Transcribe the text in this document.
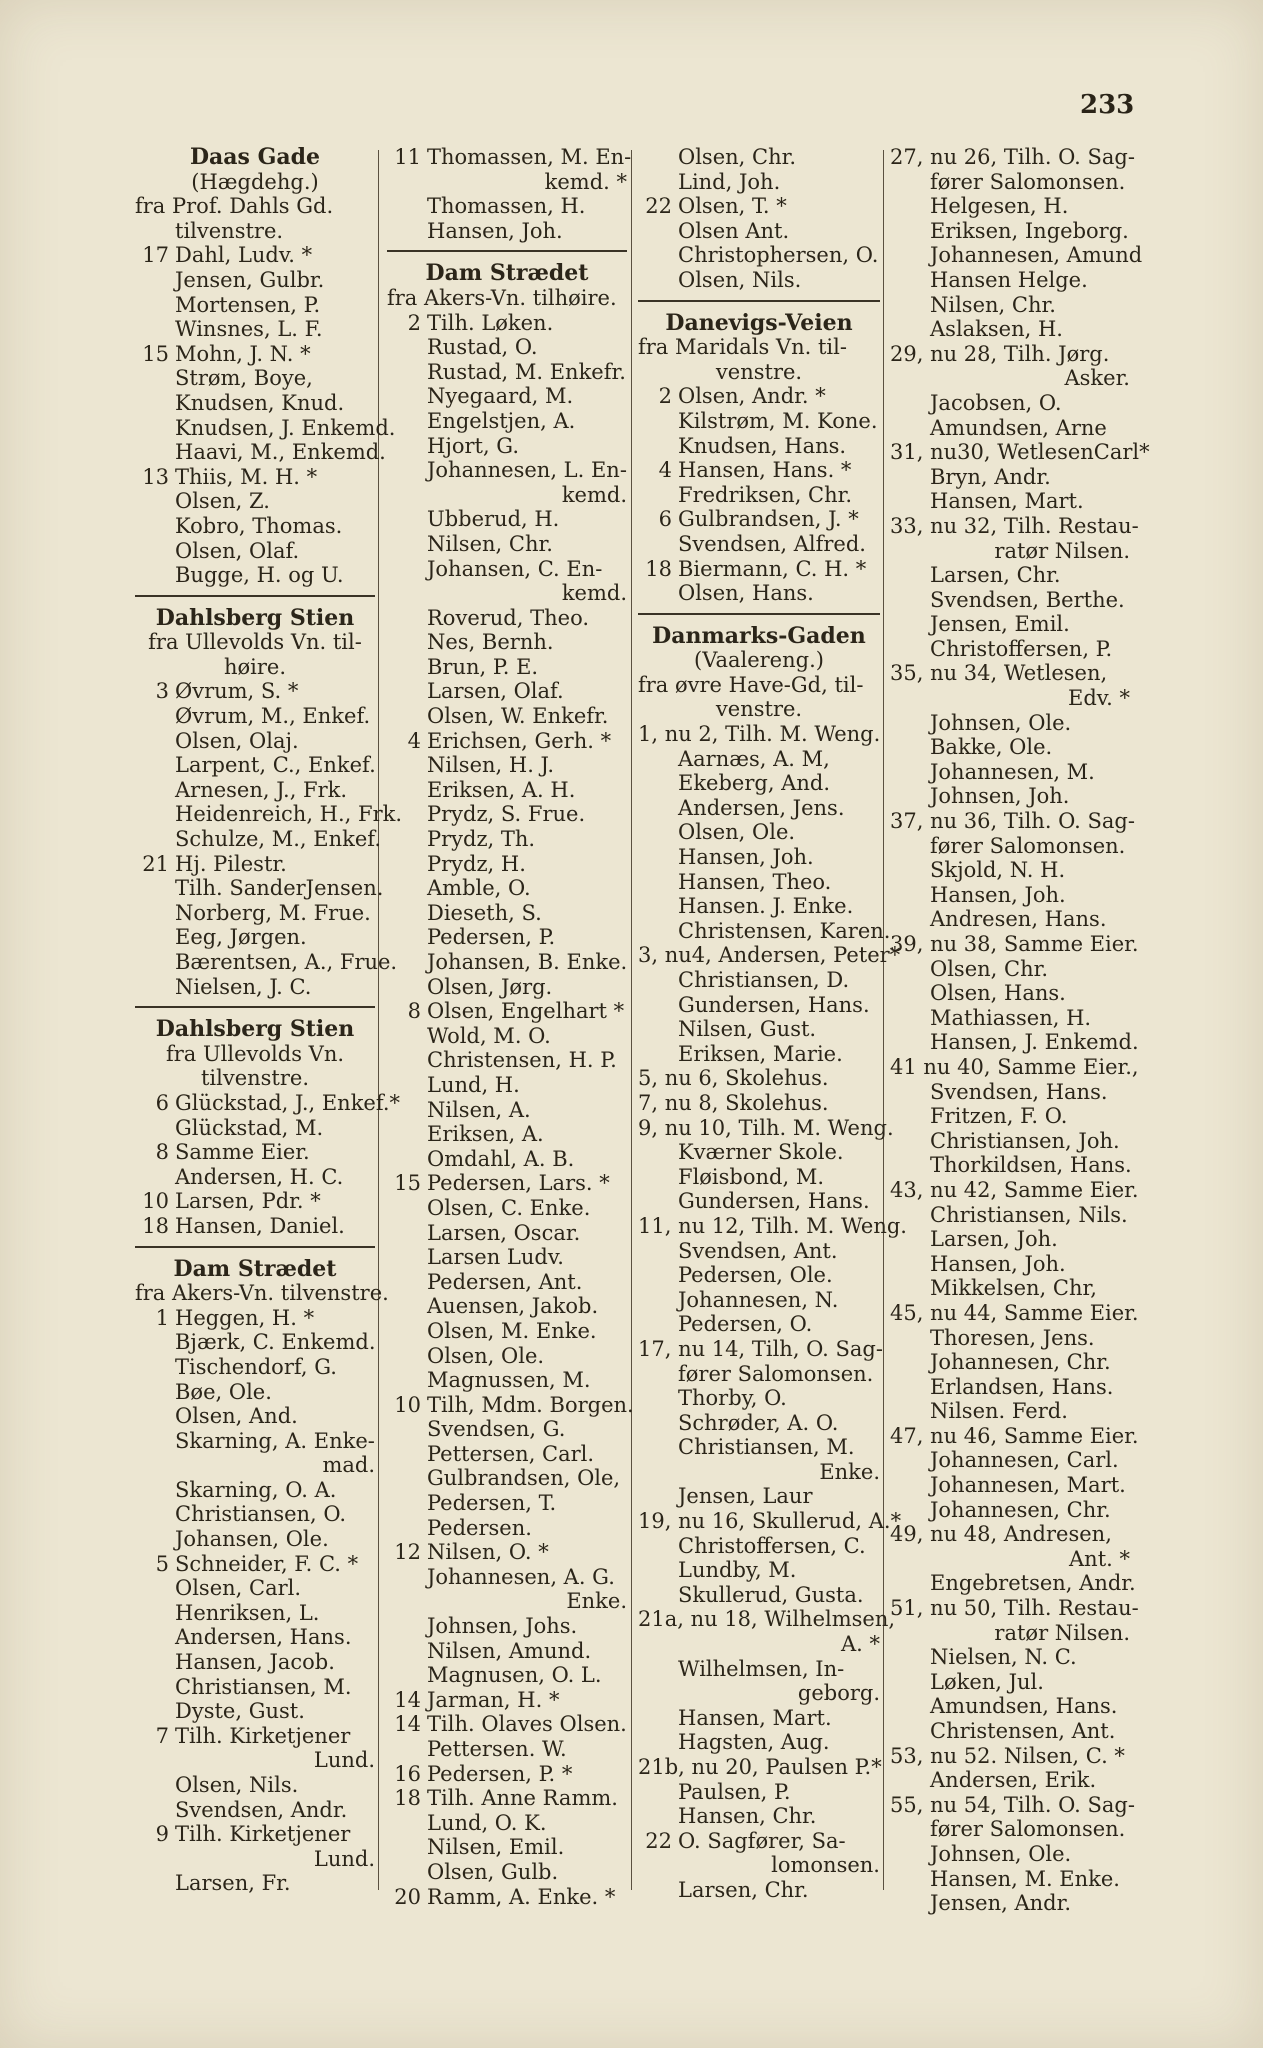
233
Daas Gade
(Hægdehg.)
fra Prof. Dahls Gd.
tilvenstre.
17 Dahl, Ludv. *
Jensen, Gulbr.
Mortensen, P.
Winsnes, L. F.
15 Mohn, J. N. *
Strøm, Boye,
Knudsen, Knud.
Knudsen, J. Enkemd.
Haavi, M., Enkemd.
13 Thiis, M. H. *
Olsen, Z.
Kobro, Thomas.
Olsen, Olaf.
Bugge, H. og U.
Dahlsberg Stien
fra Ullevolds Vn. til-
høire.
3 Øvrum, S. *
Øvrum, M., Enkef.
Olsen, Olaj.
Larpent, C., Enkef.
Arnesen, J., Frk.
Heidenreich, H., Frk.
Schulze, M., Enkef.
21 Hj. Pilestr.
Tilh. SanderJensen.
Norberg, M. Frue.
Eeg, Jørgen.
Bærentsen, A., Frue.
Nielsen, J. C.
Dahlsberg Stien
fra Ullevolds Vn.
tilvenstre.
6 Glückstad, J., Enkef.*
Glückstad, M.
8 Samme Eier.
Andersen, H. C.
10 Larsen, Pdr. *
18 Hansen, Daniel.
Dam Strædet
fra Akers-Vn. tilvenstre.
1 Heggen, H. *
Bjærk, C. Enkemd.
Tischendorf, G.
Bøe, Ole.
Olsen, And.
Skarning, A. Enke-
mad.
Skarning, O. A.
Christiansen, O.
Johansen, Ole.
5 Schneider, F. C. *
Olsen, Carl.
Henriksen, L.
Andersen, Hans.
Hansen, Jacob.
Christiansen, M.
Dyste, Gust.
7 Tilh. Kirketjener
Lund.
Olsen, Nils.
Svendsen, Andr.
9 Tilh. Kirketjener
Lund.
Larsen, Fr.
11 Thomassen, M. En-
kemd. *
Thomassen, H.
Hansen, Joh.
Dam Strædet
fra Akers-Vn. tilhøire.
2 Tilh. Løken.
Rustad, O.
Rustad, M. Enkefr.
Nyegaard, M.
Engelstjen, A.
Hjort, G.
Johannesen, L. En-
kemd.
Ubberud, H.
Nilsen, Chr.
Johansen, C. En-
kemd.
Roverud, Theo.
Nes, Bernh.
Brun, P. E.
Larsen, Olaf.
Olsen, W. Enkefr.
4 Erichsen, Gerh. *
Nilsen, H. J.
Eriksen, A. H.
Prydz, S. Frue.
Prydz, Th.
Prydz, H.
Amble, O.
Dieseth, S.
Pedersen, P.
Johansen, B. Enke.
Olsen, Jørg.
8 Olsen, Engelhart *
Wold, M. O.
Christensen, H. P.
Lund, H.
Nilsen, A.
Eriksen, A.
Omdahl, A. B.
15 Pedersen, Lars. *
Olsen, C. Enke.
Larsen, Oscar.
Larsen Ludv.
Pedersen, Ant.
Auensen, Jakob.
Olsen, M. Enke.
Olsen, Ole.
Magnussen, M.
10 Tilh, Mdm. Borgen.
Svendsen, G.
Pettersen, Carl.
Gulbrandsen, Ole,
Pedersen, T.
Pedersen.
12 Nilsen, O. *
Johannesen, A. G.
Enke.
Johnsen, Johs.
Nilsen, Amund.
Magnusen, O. L.
14 Jarman, H. *
14 Tilh. Olaves Olsen.
Pettersen. W.
16 Pedersen, P. *
18 Tilh. Anne Ramm.
Lund, O. K.
Nilsen, Emil.
Olsen, Gulb.
20 Ramm, A. Enke. *
Olsen, Chr.
Lind, Joh.
22 Olsen, T. *
Olsen Ant.
Christophersen, O.
Olsen, Nils.
Danevigs-Veien
fra Maridals Vn. til-
venstre.
2 Olsen, Andr. *
Kilstrøm, M. Kone.
Knudsen, Hans.
4 Hansen, Hans. *
Fredriksen, Chr.
6 Gulbrandsen, J. *
Svendsen, Alfred.
18 Biermann, C. H. *
Olsen, Hans.
Danmarks-Gaden
(Vaalereng.)
fra øvre Have-Gd, til-
venstre.
1, nu 2, Tilh. M. Weng.
Aarnæs, A. M,
Ekeberg, And.
Andersen, Jens.
Olsen, Ole.
Hansen, Joh.
Hansen, Theo.
Hansen. J. Enke.
Christensen, Karen.
3, nu4, Andersen, Peter*
Christiansen, D.
Gundersen, Hans.
Nilsen, Gust.
Eriksen, Marie.
5, nu 6, Skolehus.
7, nu 8, Skolehus.
9, nu 10, Tilh. M. Weng.
Kværner Skole.
Fløisbond, M.
Gundersen, Hans.
11, nu 12, Tilh. M. Weng.
Svendsen, Ant.
Pedersen, Ole.
Johannesen, N.
Pedersen, O.
17, nu 14, Tilh, O. Sag-
fører Salomonsen.
Thorby, O.
Schrøder, A. O.
Christiansen, M.
Enke.
Jensen, Laur
19, nu 16, Skullerud, A.*
Christoffersen, C.
Lundby, M.
Skullerud, Gusta.
21a, nu 18, Wilhelmsen,
A. *
Wilhelmsen, In-
geborg.
Hansen, Mart.
Hagsten, Aug.
21b, nu 20, Paulsen P.*
Paulsen, P.
Hansen, Chr.
22 O. Sagfører, Sa-
lomonsen.
Larsen, Chr.
27, nu 26, Tilh. O. Sag-
fører Salomonsen.
Helgesen, H.
Eriksen, Ingeborg.
Johannesen, Amund
Hansen Helge.
Nilsen, Chr.
Aslaksen, H.
29, nu 28, Tilh. Jørg.
Asker.
Jacobsen, O.
Amundsen, Arne
31, nu30, WetlesenCarl*
Bryn, Andr.
Hansen, Mart.
33, nu 32, Tilh. Restau-
ratør Nilsen.
Larsen, Chr.
Svendsen, Berthe.
Jensen, Emil.
Christoffersen, P.
35, nu 34, Wetlesen,
Edv. *
Johnsen, Ole.
Bakke, Ole.
Johannesen, M.
Johnsen, Joh.
37, nu 36, Tilh. O. Sag-
fører Salomonsen.
Skjold, N. H.
Hansen, Joh.
Andresen, Hans.
39, nu 38, Samme Eier.
Olsen, Chr.
Olsen, Hans.
Mathiassen, H.
Hansen, J. Enkemd.
41 nu 40, Samme Eier.,
Svendsen, Hans.
Fritzen, F. O.
Christiansen, Joh.
Thorkildsen, Hans.
43, nu 42, Samme Eier.
Christiansen, Nils.
Larsen, Joh.
Hansen, Joh.
Mikkelsen, Chr,
45, nu 44, Samme Eier.
Thoresen, Jens.
Johannesen, Chr.
Erlandsen, Hans.
Nilsen. Ferd.
47, nu 46, Samme Eier.
Johannesen, Carl.
Johannesen, Mart.
Johannesen, Chr.
49, nu 48, Andresen,
Ant. *
Engebretsen, Andr.
51, nu 50, Tilh. Restau-
ratør Nilsen.
Nielsen, N. C.
Løken, Jul.
Amundsen, Hans.
Christensen, Ant.
53, nu 52. Nilsen, C. *
Andersen, Erik.
55, nu 54, Tilh. O. Sag-
fører Salomonsen.
Johnsen, Ole.
Hansen, M. Enke.
Jensen, Andr.
